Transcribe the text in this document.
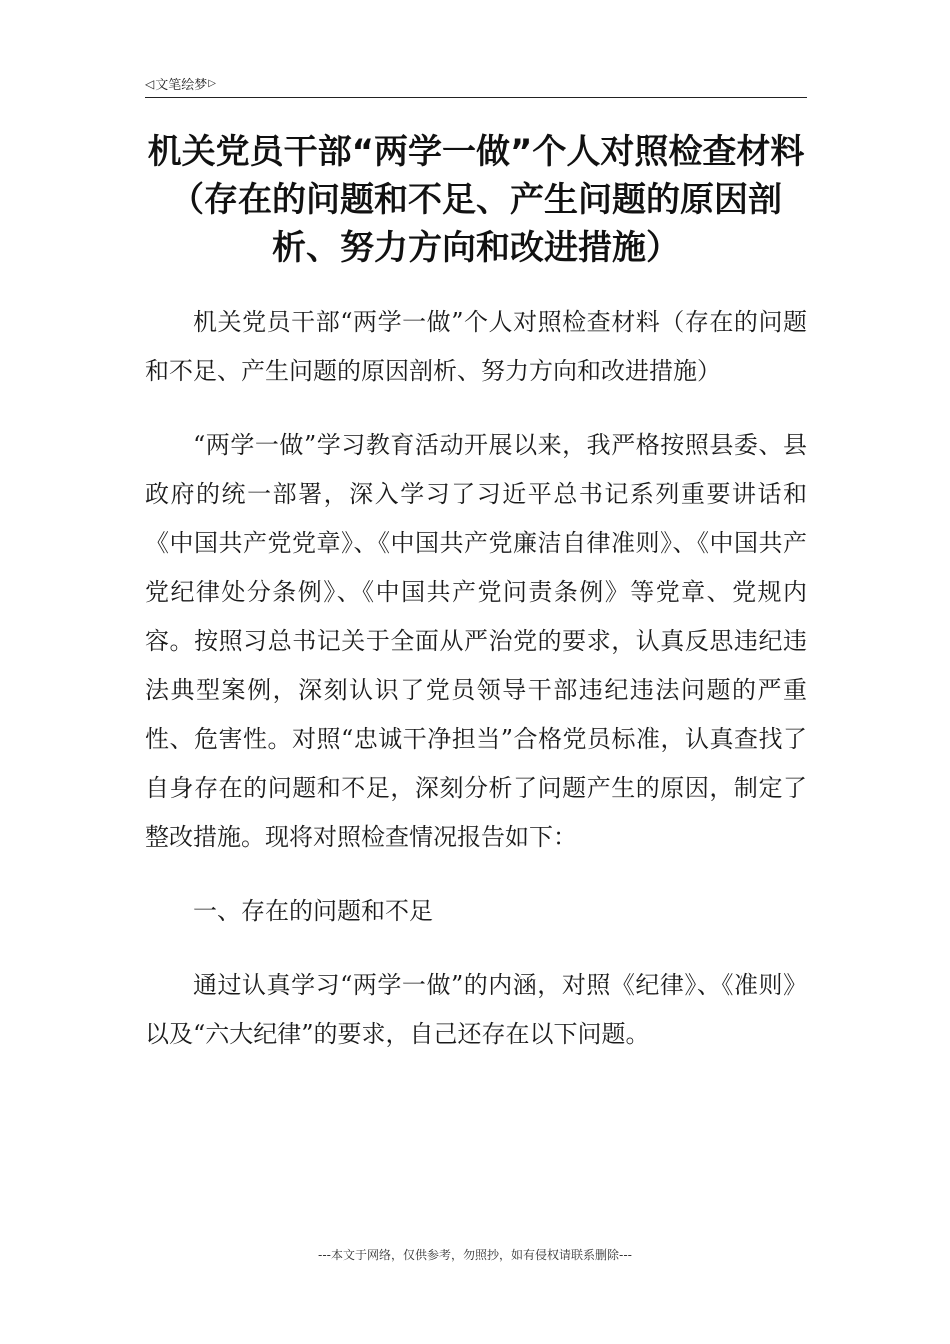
◁ 文笔绘梦 ▷
机关党员干部“两学一做”个人对照检查材料（存在的问题和不足、产生问题的原因剖析、努力方向和改进措施）

机关党员干部“两学一做”个人对照检查材料（存在的问题和不足、产生问题的原因剖析、努力方向和改进措施）

“两学一做”学习教育活动开展以来，我严格按照县委、县政府的统一部署，深入学习了习近平总书记系列重要讲话和《中国共产党党章》、《中国共产党廉洁自律准则》、《中国共产党纪律处分条例》、《中国共产党问责条例》等党章、党规内容。按照习总书记关于全面从严治党的要求，认真反思违纪违法典型案例，深刻认识了党员领导干部违纪违法问题的严重性、危害性。对照“忠诚干净担当”合格党员标准，认真查找了自身存在的问题和不足，深刻分析了问题产生的原因，制定了整改措施。现将对照检查情况报告如下：

一、存在的问题和不足

通过认真学习“两学一做”的内涵，对照《纪律》、《准则》以及“六大纪律”的要求，自己还存在以下问题。

---本文于网络，仅供参考，勿照抄，如有侵权请联系删除---
